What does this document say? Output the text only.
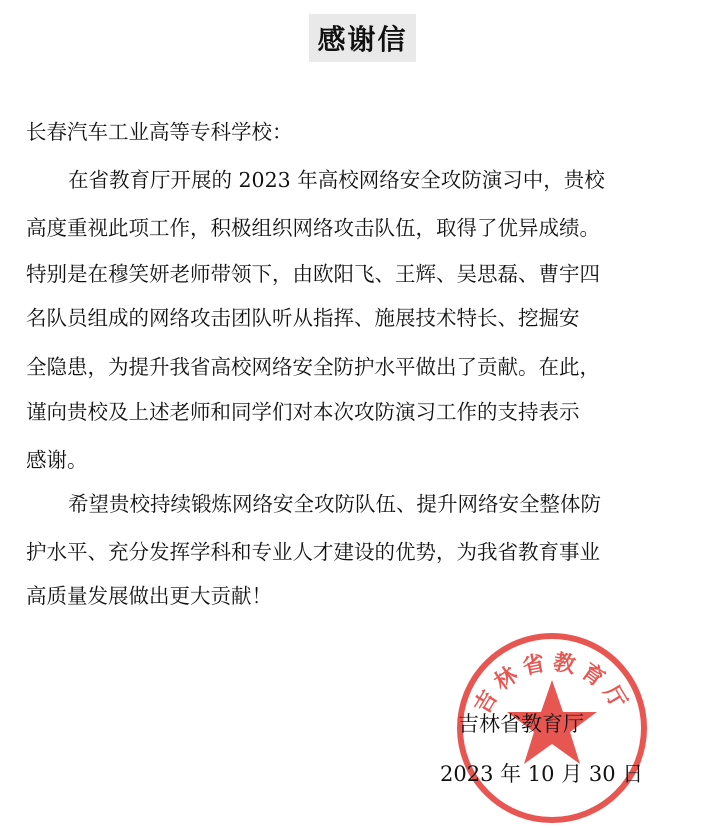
感谢信
长春汽车工业高等专科学校：
在省教育厅开展的 2023 年高校网络安全攻防演习中，贵校
高度重视此项工作，积极组织网络攻击队伍，取得了优异成绩。
特别是在穆笑妍老师带领下，由欧阳飞、王辉、吴思磊、曹宇四
名队员组成的网络攻击团队听从指挥、施展技术特长、挖掘安
全隐患，为提升我省高校网络安全防护水平做出了贡献。在此，
谨向贵校及上述老师和同学们对本次攻防演习工作的支持表示
感谢。
希望贵校持续锻炼网络安全攻防队伍、提升网络安全整体防
护水平、充分发挥学科和专业人才建设的优势，为我省教育事业
高质量发展做出更大贡献！
吉林省教育厅
吉林省教育厅
2023 年 10 月 30 日
